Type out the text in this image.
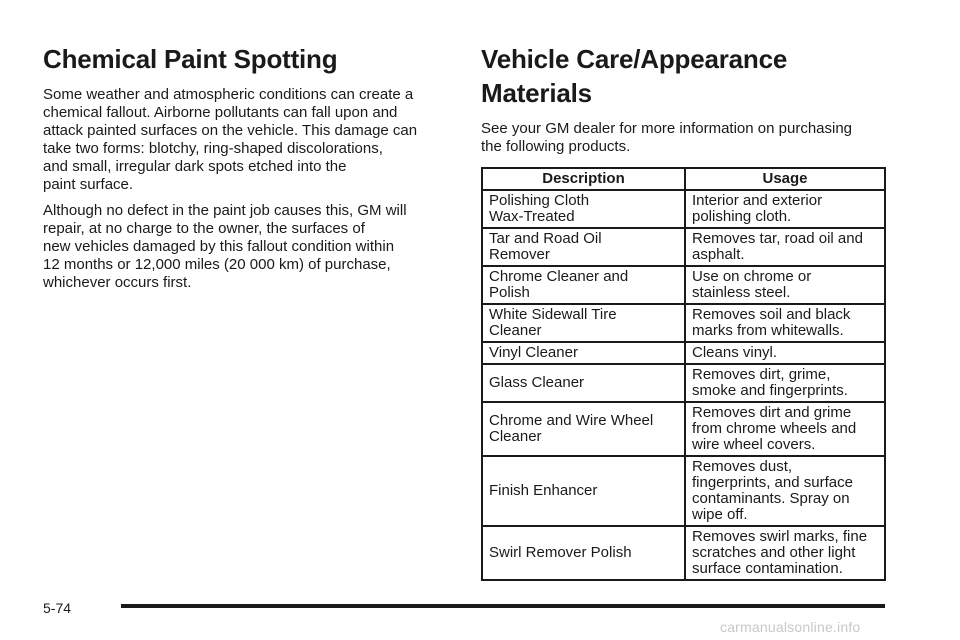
Chemical Paint Spotting

Some weather and atmospheric conditions can create a
chemical fallout. Airborne pollutants can fall upon and
attack painted surfaces on the vehicle. This damage can
take two forms: blotchy, ring-shaped discolorations,
and small, irregular dark spots etched into the
paint surface.

Although no defect in the paint job causes this, GM will
repair, at no charge to the owner, the surfaces of
new vehicles damaged by this fallout condition within
12 months or 12,000 miles (20 000 km) of purchase,
whichever occurs first.

Vehicle Care/Appearance Materials

See your GM dealer for more information on purchasing
the following products.

Description	Usage
Polishing Cloth
Wax-Treated	Interior and exterior
polishing cloth.
Tar and Road Oil
Remover	Removes tar, road oil and
asphalt.
Chrome Cleaner and
Polish	Use on chrome or
stainless steel.
White Sidewall Tire
Cleaner	Removes soil and black
marks from whitewalls.
Vinyl Cleaner	Cleans vinyl.
Glass Cleaner	Removes dirt, grime,
smoke and fingerprints.
Chrome and Wire Wheel
Cleaner	Removes dirt and grime
from chrome wheels and
wire wheel covers.
Finish Enhancer	Removes dust,
fingerprints, and surface
contaminants. Spray on
wipe off.
Swirl Remover Polish	Removes swirl marks, fine
scratches and other light
surface contamination.
5-74
carmanualsonline.info
